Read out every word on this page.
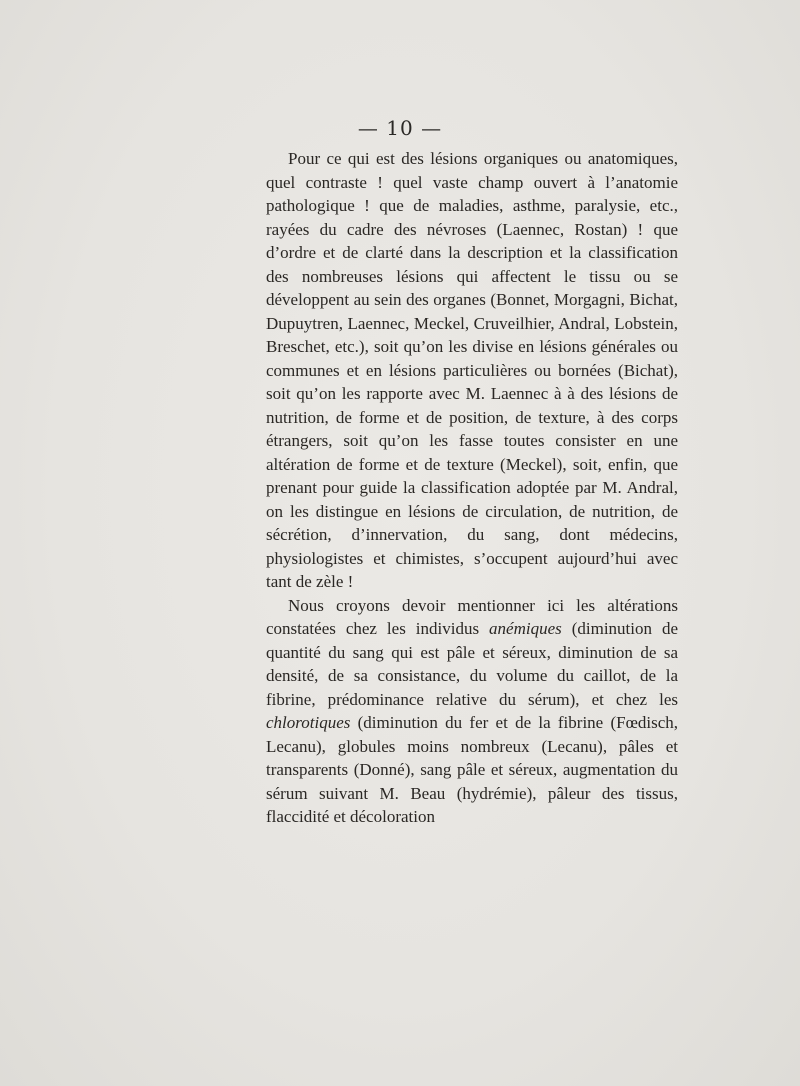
— 10 —

Pour ce qui est des lésions organiques ou anatomiques, quel contraste ! quel vaste champ ouvert à l’anatomie pathologique ! que de maladies, asthme, paralysie, etc., rayées du cadre des névroses (Laennec, Rostan) ! que d’ordre et de clarté dans la description et la classification des nombreuses lésions qui affectent le tissu ou se développent au sein des organes (Bonnet, Morgagni, Bichat, Dupuytren, Laennec, Meckel, Cruveilhier, Andral, Lobstein, Breschet, etc.), soit qu’on les divise en lésions générales ou communes et en lésions particulières ou bornées (Bichat), soit qu’on les rapporte avec M. Laennec à à des lésions de nutrition, de forme et de position, de texture, à des corps étrangers, soit qu’on les fasse toutes consister en une altération de forme et de texture (Meckel), soit, enfin, que prenant pour guide la classification adoptée par M. Andral, on les distingue en lésions de circulation, de nutrition, de sécrétion, d’innervation, du sang, dont médecins, physiologistes et chimistes, s’occupent aujourd’hui avec tant de zèle !

Nous croyons devoir mentionner ici les altérations constatées chez les individus anémiques (diminution de quantité du sang qui est pâle et séreux, diminution de sa densité, de sa consistance, du volume du caillot, de la fibrine, prédominance relative du sérum), et chez les chlorotiques (diminution du fer et de la fibrine (Fœdisch, Lecanu), globules moins nombreux (Lecanu), pâles et transparents (Donné), sang pâle et séreux, augmentation du sérum suivant M. Beau (hydrémie), pâleur des tissus, flaccidité et décoloration
